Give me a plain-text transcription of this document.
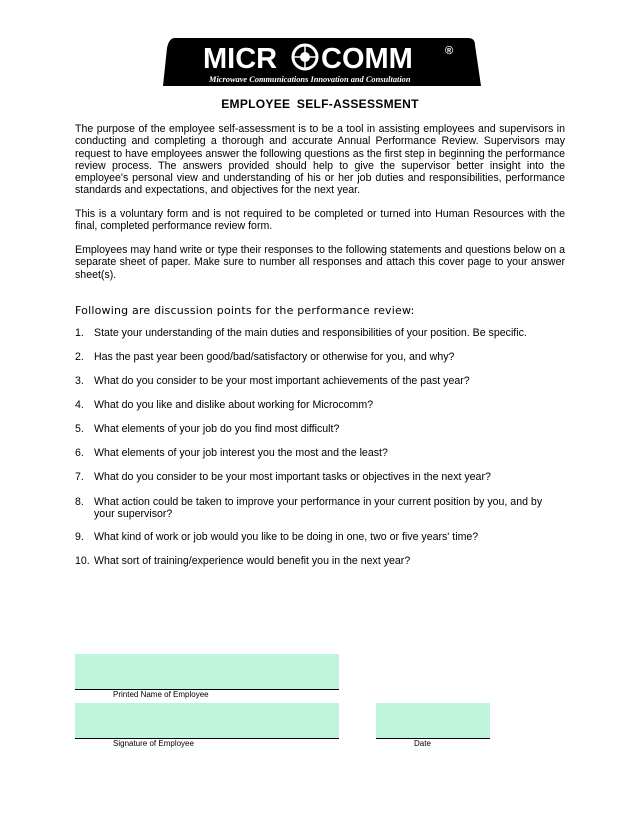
MICR COMM	®
Microwave Communications Innovation and Consultation
EMPLOYEE SELF-ASSESSMENT

The purpose of the employee self-assessment is to be a tool in assisting employees and supervisors in conducting and completing a thorough and accurate Annual Performance Review. Supervisors may request to have employees answer the following questions as the first step in beginning the performance review process. The answers provided should help to give the supervisor better insight into the employee's personal view and understanding of his or her job duties and responsibilities, performance standards and expectations, and objectives for the next year.

This is a voluntary form and is not required to be completed or turned into Human Resources with the final, completed performance review form.

Employees may hand write or type their responses to the following statements and questions below on a separate sheet of paper. Make sure to number all responses and attach this cover page to your answer sheet(s).

Following are discussion points for the performance review:
1. State your understanding of the main duties and responsibilities of your position. Be specific.
2. Has the past year been good/bad/satisfactory or otherwise for you, and why?
3. What do you consider to be your most important achievements of the past year?
4. What do you like and dislike about working for Microcomm?
5. What elements of your job do you find most difficult?
6. What elements of your job interest you the most and the least?
7. What do you consider to be your most important tasks or objectives in the next year?
8. What action could be taken to improve your performance in your current position by you, and by your supervisor?
9. What kind of work or job would you like to be doing in one, two or five years' time?
10. What sort of training/experience would benefit you in the next year?
Printed Name of Employee
Signature of Employee	Date
